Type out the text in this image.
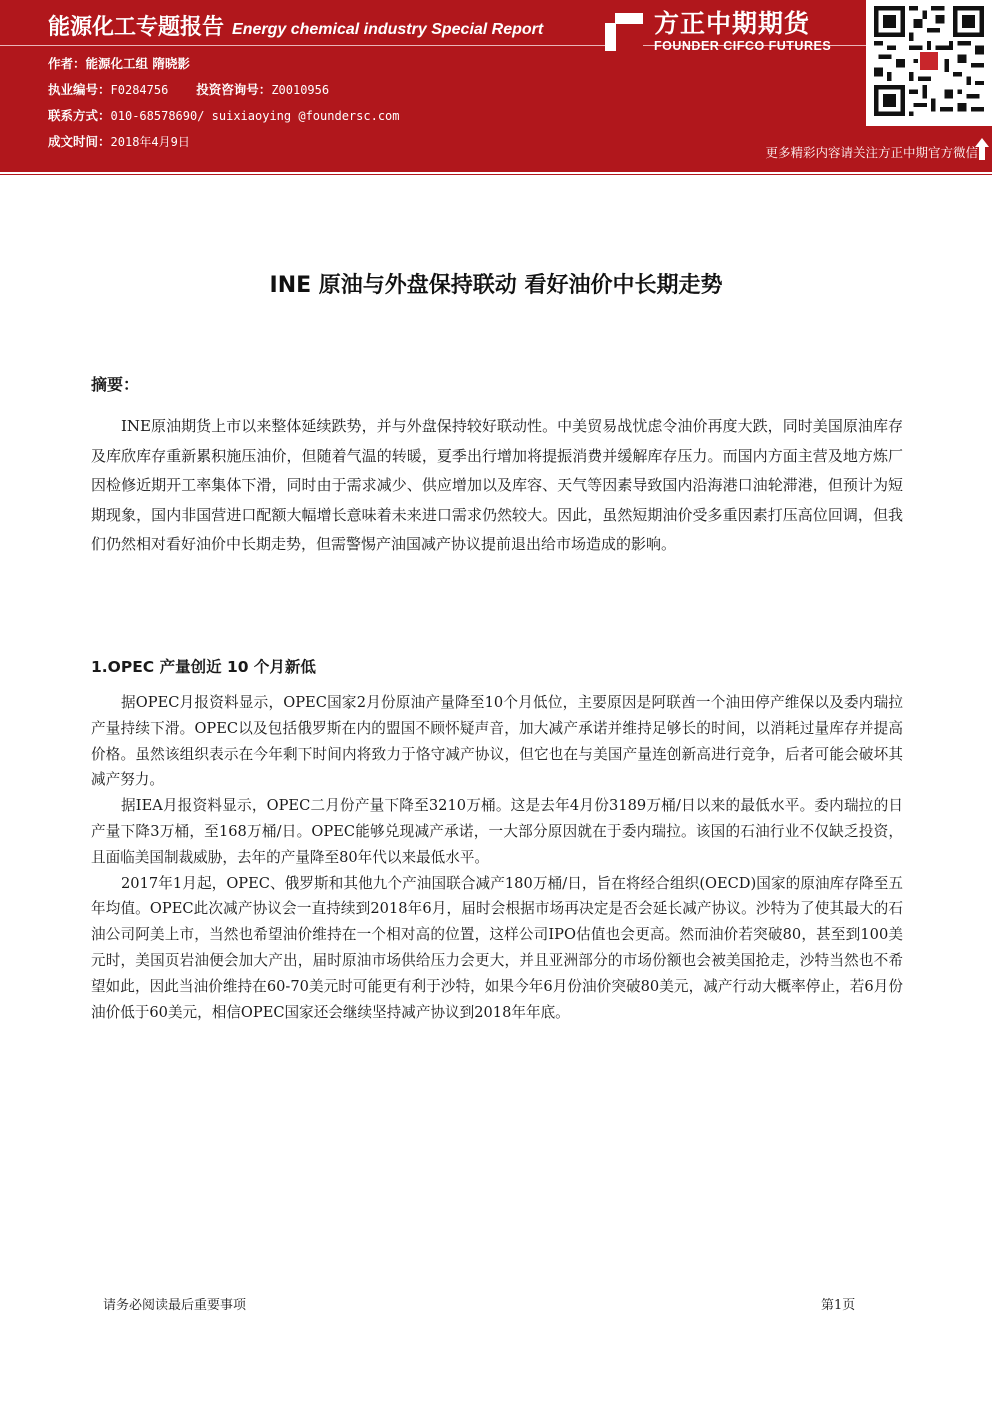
能源化工专题报告 Energy chemical industry Special Report
作者：能源化工组 隋晓影
执业编号：F0284756 投资咨询号：Z0010956
联系方式：010-68578690/ suixiaoying @foundersc.com
成文时间：2018年4月9日
方正中期期货
FOUNDER CIFCO FUTURES
更多精彩内容请关注方正中期官方微信
INE 原油与外盘保持联动 看好油价中长期走势
摘要：

INE原油期货上市以来整体延续跌势，并与外盘保持较好联动性。中美贸易战忧虑令油价再度大跌，同时美国原油库存及库欣库存重新累积施压油价，但随着气温的转暖，夏季出行增加将提振消费并缓解库存压力。而国内方面主营及地方炼厂因检修近期开工率集体下滑，同时由于需求减少、供应增加以及库容、天气等因素导致国内沿海港口油轮滞港，但预计为短期现象，国内非国营进口配额大幅增长意味着未来进口需求仍然较大。因此，虽然短期油价受多重因素打压高位回调，但我们仍然相对看好油价中长期走势，但需警惕产油国减产协议提前退出给市场造成的影响。

1.OPEC 产量创近 10 个月新低

据OPEC月报资料显示，OPEC国家2月份原油产量降至10个月低位，主要原因是阿联酋一个油田停产维保以及委内瑞拉产量持续下滑。OPEC以及包括俄罗斯在内的盟国不顾怀疑声音，加大减产承诺并维持足够长的时间，以消耗过量库存并提高价格。虽然该组织表示在今年剩下时间内将致力于恪守减产协议，但它也在与美国产量连创新高进行竞争，后者可能会破坏其减产努力。

据IEA月报资料显示，OPEC二月份产量下降至3210万桶。这是去年4月份3189万桶/日以来的最低水平。委内瑞拉的日产量下降3万桶，至168万桶/日。OPEC能够兑现减产承诺，一大部分原因就在于委内瑞拉。该国的石油行业不仅缺乏投资，且面临美国制裁威胁，去年的产量降至80年代以来最低水平。

2017年1月起，OPEC、俄罗斯和其他九个产油国联合减产180万桶/日，旨在将经合组织(OECD)国家的原油库存降至五年均值。OPEC此次减产协议会一直持续到2018年6月，届时会根据市场再决定是否会延长减产协议。沙特为了使其最大的石油公司阿美上市，当然也希望油价维持在一个相对高的位置，这样公司IPO估值也会更高。然而油价若突破80，甚至到100美元时，美国页岩油便会加大产出，届时原油市场供给压力会更大，并且亚洲部分的市场份额也会被美国抢走，沙特当然也不希望如此，因此当油价维持在60-70美元时可能更有利于沙特，如果今年6月份油价突破80美元，减产行动大概率停止，若6月份油价低于60美元，相信OPEC国家还会继续坚持减产协议到2018年年底。

请务必阅读最后重要事项	第1页
